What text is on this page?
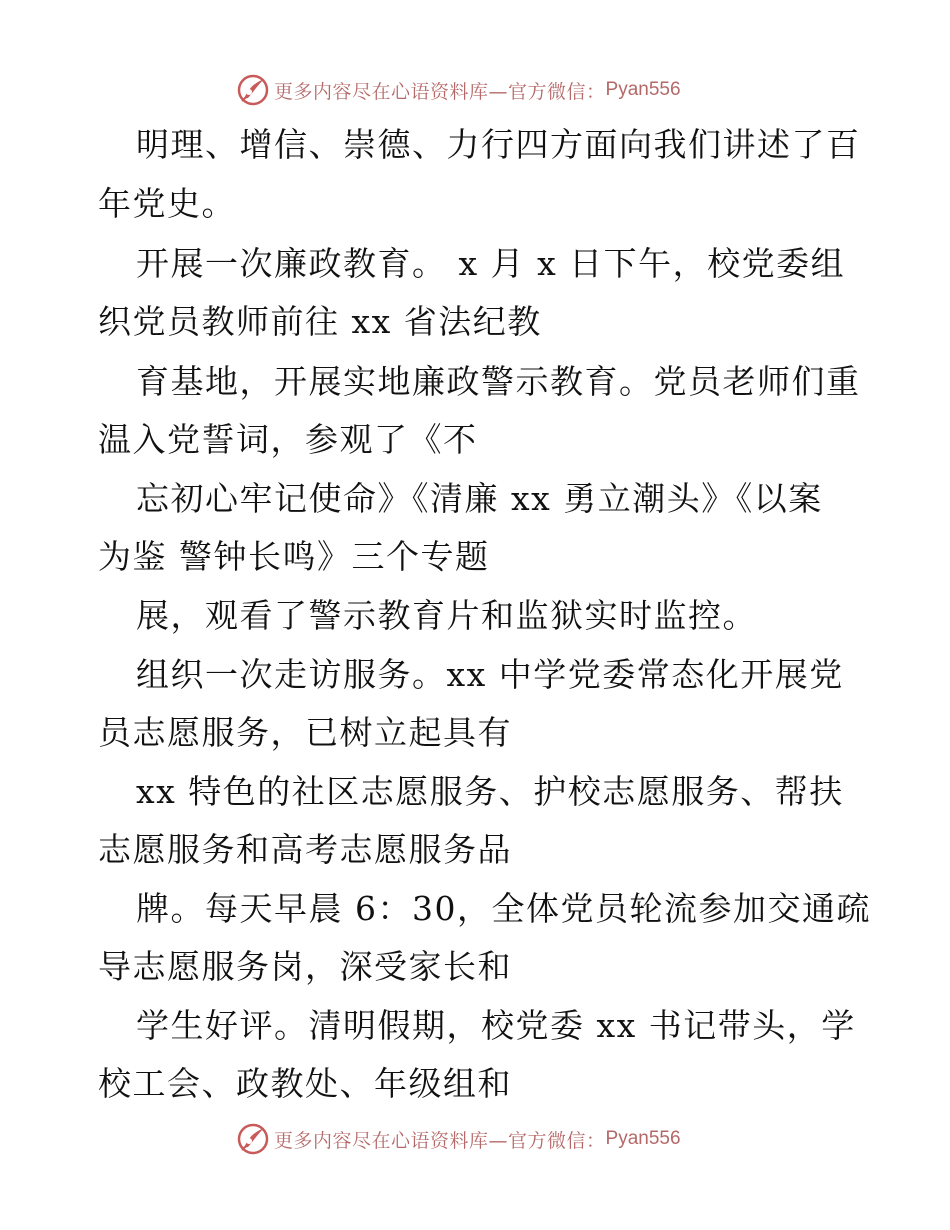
更多内容尽在心语资料库—官方微信： Pyan556
明理、增信、崇德、力行四方面向我们讲述了百
年党史。
开展一次廉政教育。 x 月 x 日下午，校党委组
织党员教师前往 xx 省法纪教
育基地，开展实地廉政警示教育。党员老师们重
温入党誓词，参观了《不
忘初心牢记使命》《清廉 xx 勇立潮头》《以案
为鉴 警钟长鸣》三个专题
展，观看了警示教育片和监狱实时监控。
组织一次走访服务。xx 中学党委常态化开展党
员志愿服务，已树立起具有
xx 特色的社区志愿服务、护校志愿服务、帮扶
志愿服务和高考志愿服务品
牌。每天早晨 6：30，全体党员轮流参加交通疏
导志愿服务岗，深受家长和
学生好评。清明假期，校党委 xx 书记带头，学
校工会、政教处、年级组和
更多内容尽在心语资料库—官方微信： Pyan556
